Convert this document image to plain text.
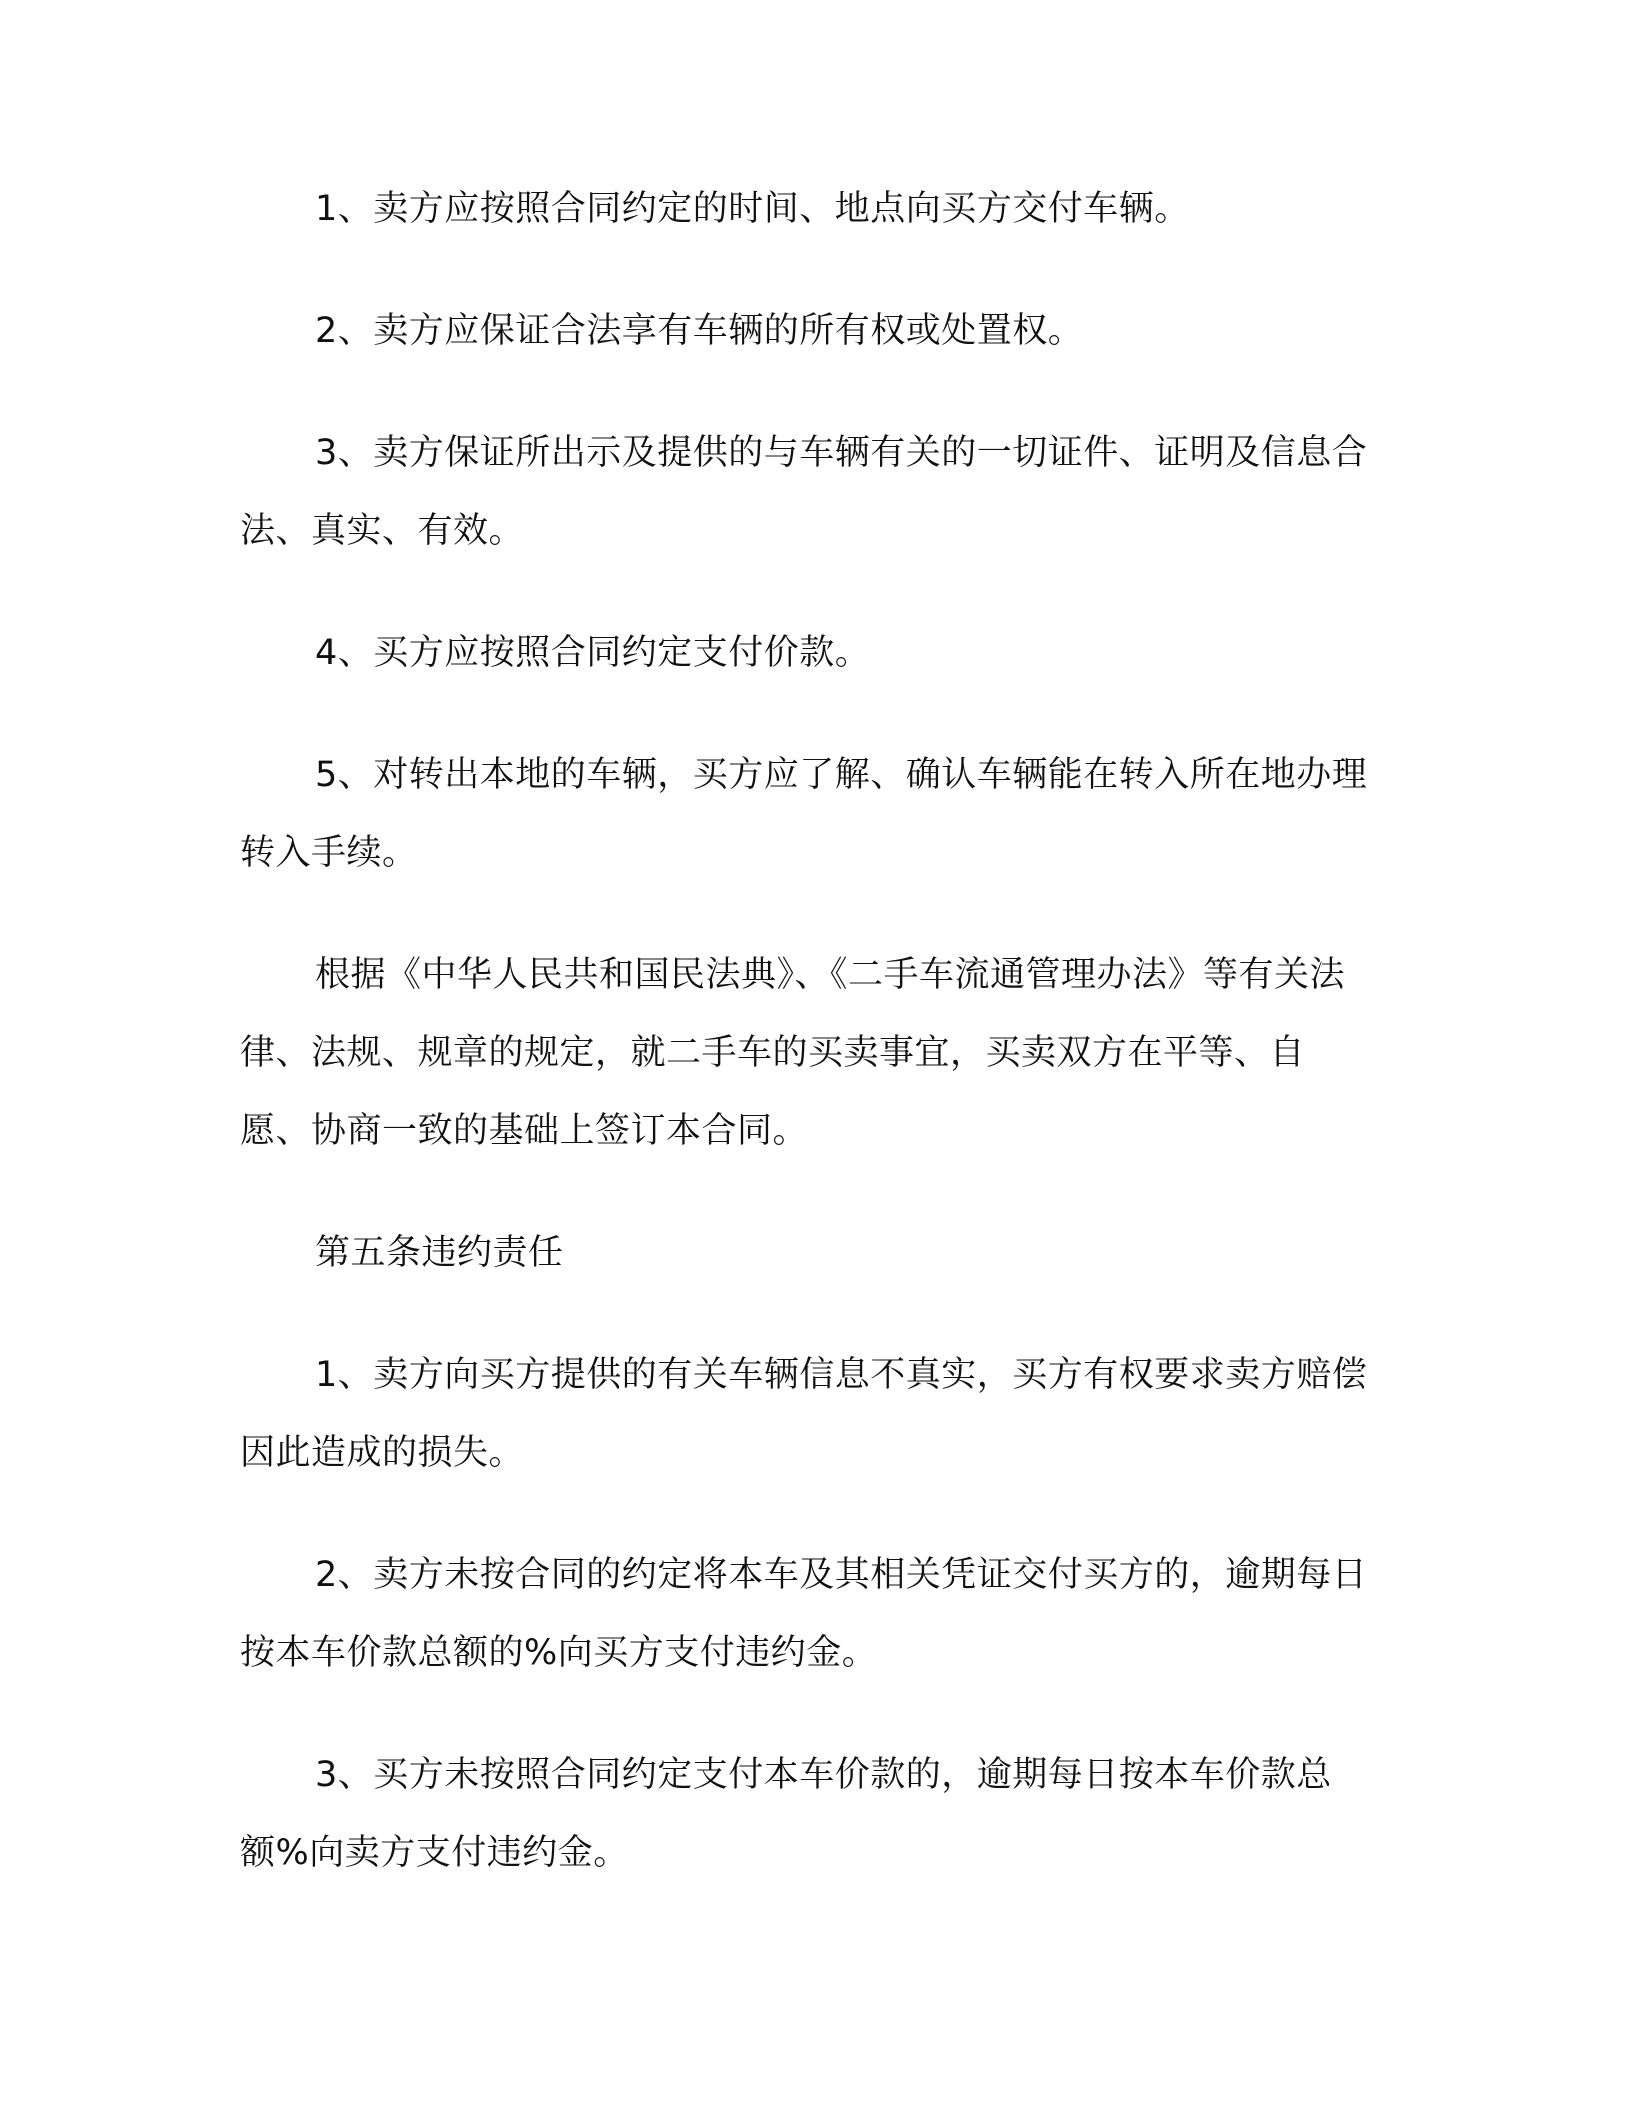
1、卖方应按照合同约定的时间、地点向买方交付车辆。

2、卖方应保证合法享有车辆的所有权或处置权。

3、卖方保证所出示及提供的与车辆有关的一切证件、证明及信息合法、真实、有效。

4、买方应按照合同约定支付价款。

5、对转出本地的车辆，买方应了解、确认车辆能在转入所在地办理转入手续。

根据《中华人民共和国民法典》、《二手车流通管理办法》等有关法律、法规、规章的规定，就二手车的买卖事宜，买卖双方在平等、自愿、协商一致的基础上签订本合同。

第五条违约责任

1、卖方向买方提供的有关车辆信息不真实，买方有权要求卖方赔偿因此造成的损失。

2、卖方未按合同的约定将本车及其相关凭证交付买方的，逾期每日按本车价款总额的%向买方支付违约金。

3、买方未按照合同约定支付本车价款的，逾期每日按本车价款总额%向卖方支付违约金。
